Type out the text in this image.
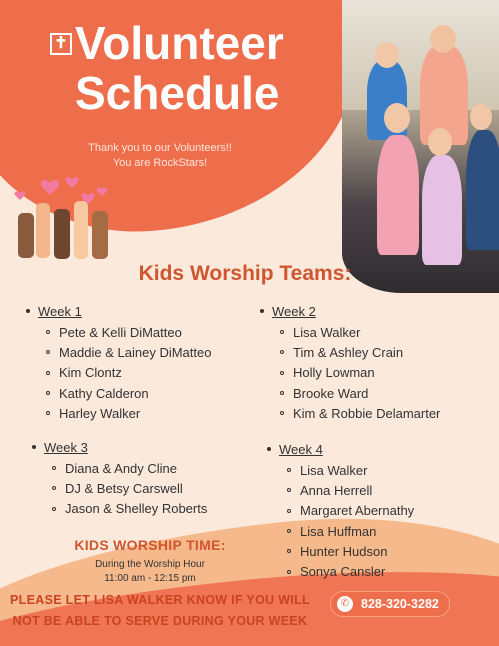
✝ Volunteer
Schedule
Thank you to our Volunteers!!
You are RockStars!
Kids Worship Teams:
Week 1
Pete & Kelli DiMatteo
Maddie & Lainey DiMatteo
Kim Clontz
Kathy Calderon
Harley Walker
Week 2
Lisa Walker
Tim & Ashley Crain
Holly Lowman
Brooke Ward
Kim & Robbie Delamarter
Week 3
Diana & Andy Cline
DJ & Betsy Carswell
Jason & Shelley Roberts
Week 4
Lisa Walker
Anna Herrell
Margaret Abernathy
Lisa Huffman
Hunter Hudson
Sonya Cansler
KIDS WORSHIP TIME:
During the Worship Hour
11:00 am - 12:15 pm
PLEASE LET LISA WALKER KNOW IF YOU WILL
NOT BE ABLE TO SERVE DURING YOUR WEEK
✆ 828-320-3282
